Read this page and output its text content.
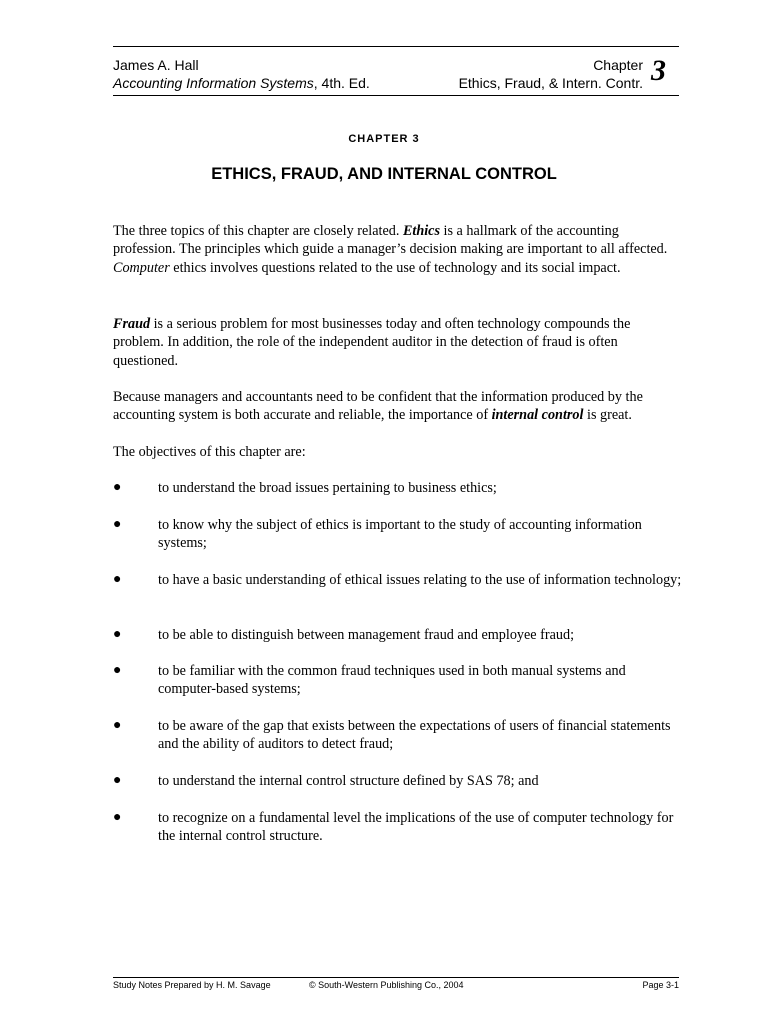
James A. Hall
Accounting Information Systems, 4th. Ed.
Chapter
Ethics, Fraud, & Intern. Contr. 3
CHAPTER 3
ETHICS, FRAUD, AND INTERNAL CONTROL

The three topics of this chapter are closely related. Ethics is a hallmark of the accounting profession. The principles which guide a manager’s decision making are important to all affected. Computer ethics involves questions related to the use of technology and its social impact.

Fraud is a serious problem for most businesses today and often technology compounds the problem. In addition, the role of the independent auditor in the detection of fraud is often questioned.

Because managers and accountants need to be confident that the information produced by the accounting system is both accurate and reliable, the importance of internal control is great.

The objectives of this chapter are:

●	to understand the broad issues pertaining to business ethics;
●	to know why the subject of ethics is important to the study of accounting information systems;
●	to have a basic understanding of ethical issues relating to the use of information technology;
●	to be able to distinguish between management fraud and employee fraud;
●	to be familiar with the common fraud techniques used in both manual systems and computer-based systems;
●	to be aware of the gap that exists between the expectations of users of financial statements and the ability of auditors to detect fraud;
●	to understand the internal control structure defined by SAS 78; and
●	to recognize on a fundamental level the implications of the use of computer technology for the internal control structure.
Study Notes Prepared by H. M. Savage	© South-Western Publishing Co., 2004	Page 3-1
